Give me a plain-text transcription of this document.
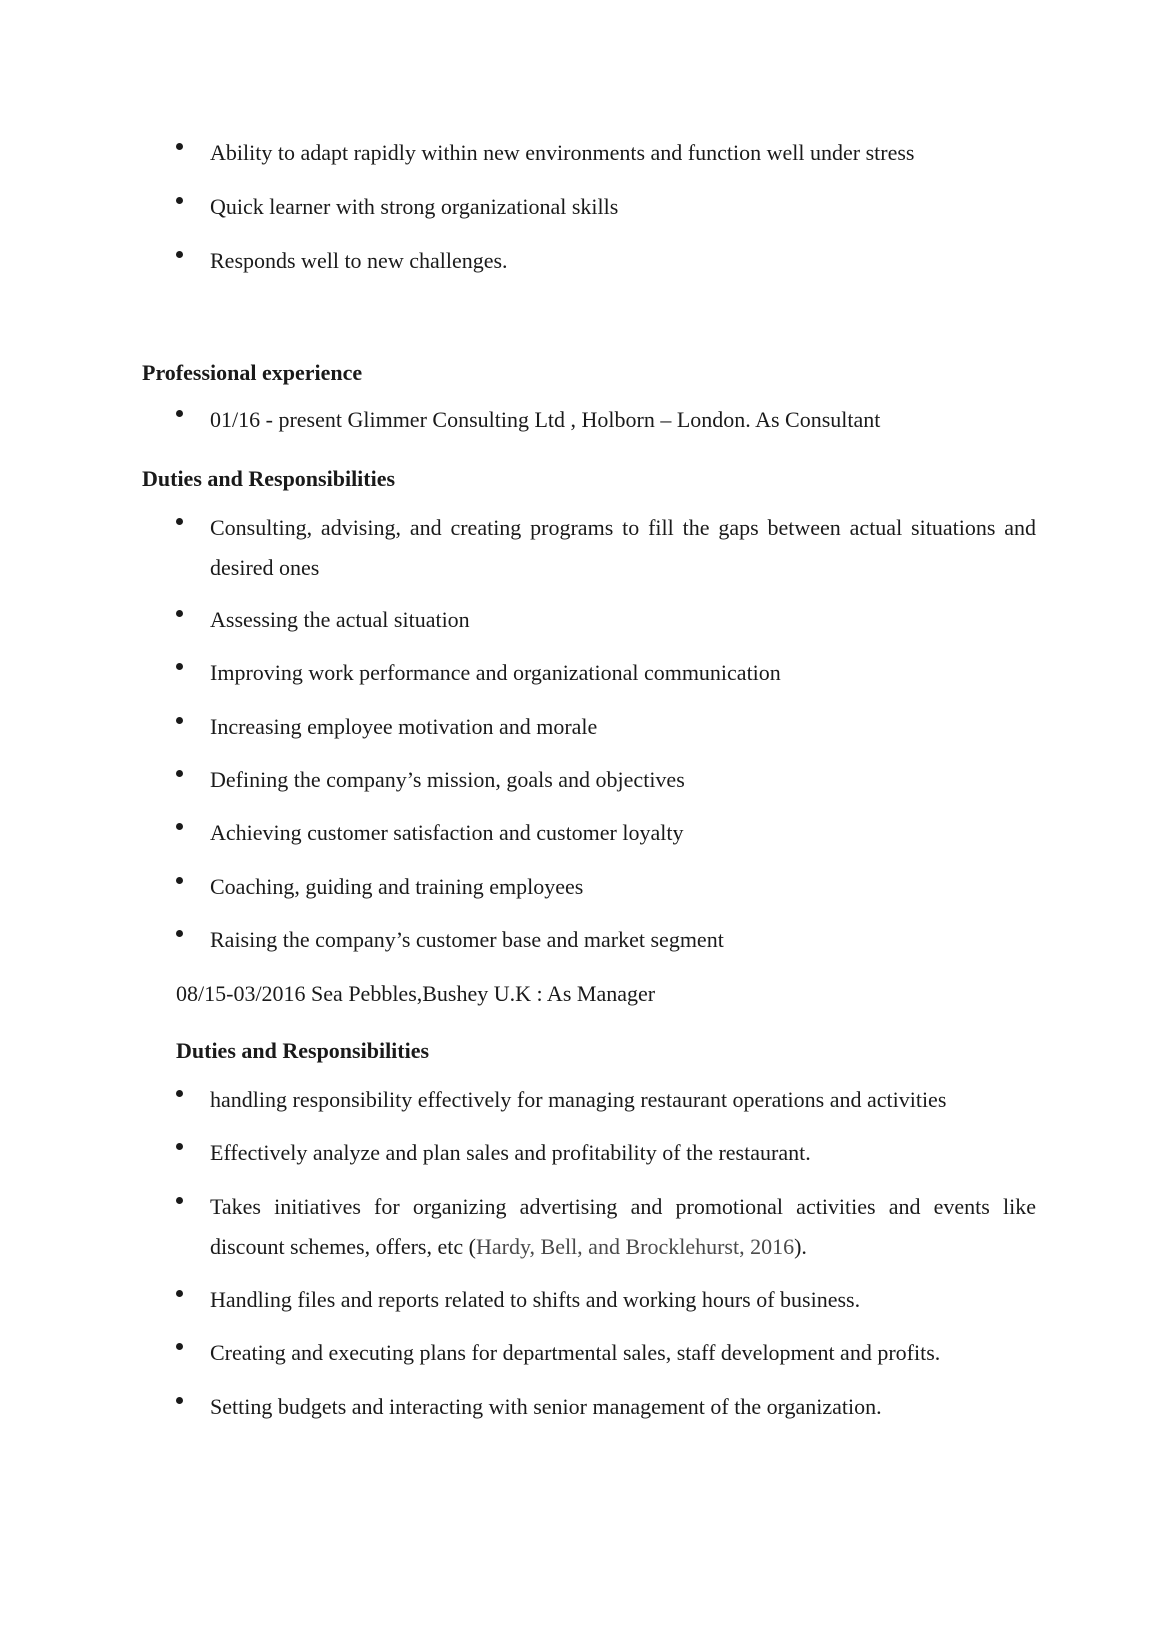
Ability to adapt rapidly within new environments and function well under stress
Quick learner with strong organizational skills
Responds well to new challenges.
Professional experience
01/16 - present Glimmer Consulting Ltd , Holborn – London. As Consultant
Duties and Responsibilities
Consulting, advising, and creating programs to fill the gaps between actual situations and desired ones
Assessing the actual situation
Improving work performance and organizational communication
Increasing employee motivation and morale
Defining the company’s mission, goals and objectives
Achieving customer satisfaction and customer loyalty
Coaching, guiding and training employees
Raising the company’s customer base and market segment
08/15-03/2016 Sea Pebbles,Bushey U.K : As Manager
Duties and Responsibilities
handling responsibility effectively for managing restaurant operations and activities
Effectively analyze and plan sales and profitability of the restaurant.
Takes initiatives for organizing advertising and promotional activities and events like discount schemes, offers, etc (Hardy, Bell, and Brocklehurst, 2016).
Handling files and reports related to shifts and working hours of business.
Creating and executing plans for departmental sales, staff development and profits.
Setting budgets and interacting with senior management of the organization.
